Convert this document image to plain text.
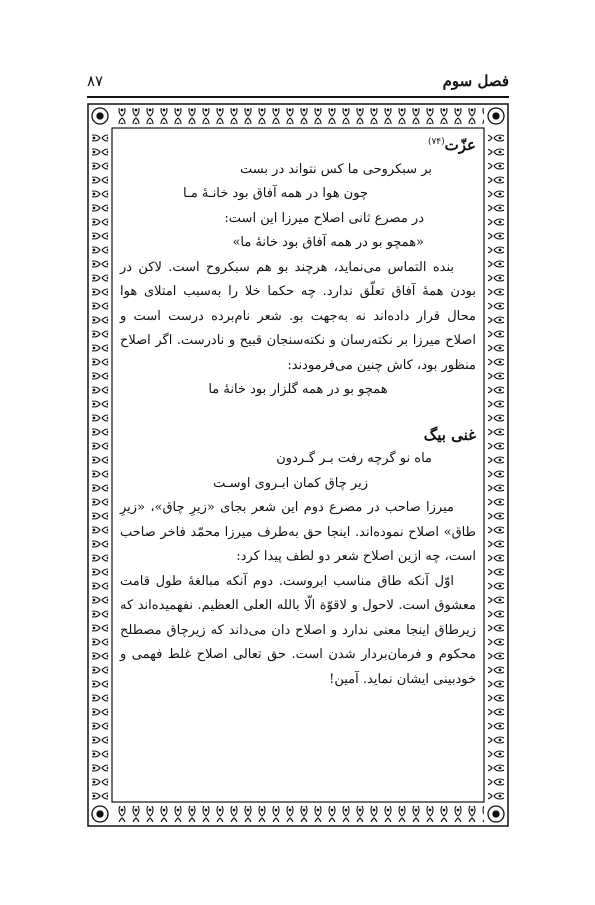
۸۷	فصل سوم

عزّت$^{(۷۴)}$

بر سبکروحی ما کس نتواند در بست

چون هوا در همه آفاق بود خانـهٔ مـا

در مصرع ثانی اصلاح میرزا این است:

«همچو بو در همه آفاق بود خانهٔ ما»

بنده التماس می‌نماید، هرچند بو هم سبکروح است. لاکن در بودن همهٔ آفاق تعلّق ندارد. چه حکما خلا را به‌سبب امتلای هوا محال قرار داده‌اند نه به‌جهت بو. شعر نام‌برده درست است و اصلاح میرزا بر نکته‌رسان و نکته‌سنجان قبیح و نادرست. اگر اصلاح منظور بود، کاش چنین می‌فرمودند:

همچو بو در همه گلزار بود خانهٔ ما

غنی بیگ

ماه نو گرچه رفت بـر گـردون

زیر چاق کمان ابـروی اوسـت

میرزا صاحب در مصرع دوم این شعر بجای «زیرِ چاق»، «زیرِ طاق» اصلاح نموده‌اند. اینجا حق به‌طرف میرزا محمّد فاخر صاحب است، چه ازین اصلاح شعر دو لطف پیدا کرد:

اوّل آنکه طاق مناسب ابروست. دوم آنکه مبالغهٔ طول قامت معشوق است. لاحول و لاقوّة الّا بالله العلی العظیم. نفهمیده‌اند که زیرطاق اینجا معنی ندارد و اصلاح دان می‌داند که زیرچاق مصطلح محکوم و فرمان‌بردار شدن است. حق تعالی اصلاح غلط فهمی و خودبینی ایشان نماید. آمین!
